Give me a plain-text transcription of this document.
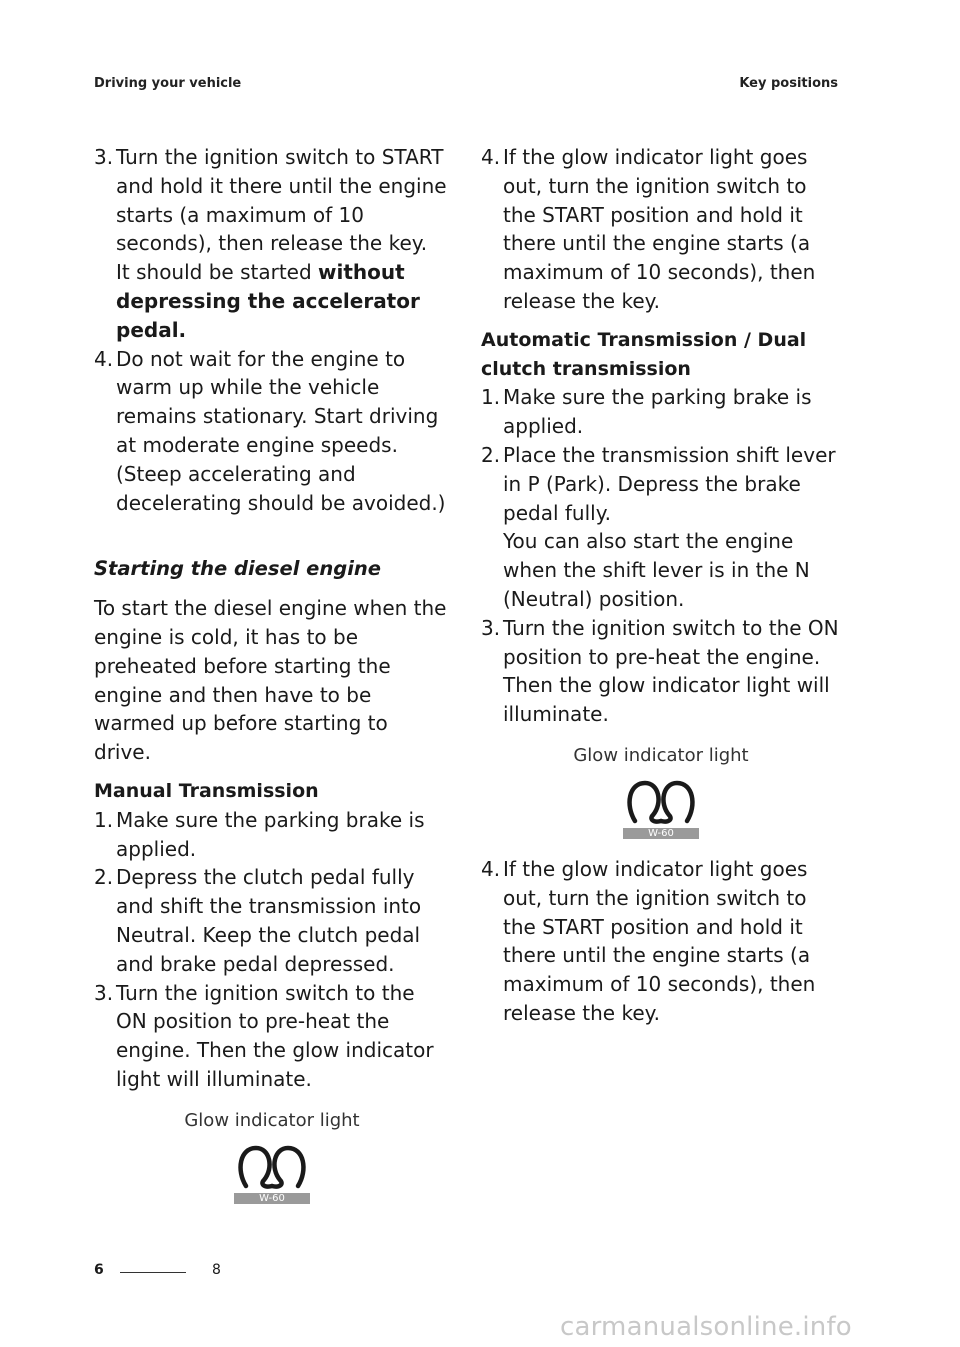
Driving your vehicle	Key positions
3. Turn the ignition switch to START and hold it there until the engine starts (a maximum of 10 seconds), then release the key.
It should be started without depressing the accelerator pedal.
4. Do not wait for the engine to warm up while the vehicle remains stationary. Start driving at moderate engine speeds. (Steep accelerating and decelerating should be avoided.)
Starting the diesel engine

To start the diesel engine when the engine is cold, it has to be preheated before starting the engine and then have to be warmed up before starting to drive.

Manual Transmission
1. Make sure the parking brake is applied.
2. Depress the clutch pedal fully and shift the transmission into Neutral. Keep the clutch pedal and brake pedal depressed.
3. Turn the ignition switch to the ON position to pre-heat the engine. Then the glow indicator light will illuminate.
Glow indicator light
W-60
4. If the glow indicator light goes out, turn the ignition switch to the START position and hold it there until the engine starts (a maximum of 10 seconds), then release the key.
Automatic Transmission / Dual clutch transmission
1. Make sure the parking brake is applied.
2. Place the transmission shift lever in P (Park). Depress the brake pedal fully.
You can also start the engine when the shift lever is in the N (Neutral) position.
3. Turn the ignition switch to the ON position to pre-heat the engine. Then the glow indicator light will illuminate.
Glow indicator light
W-60
4. If the glow indicator light goes out, turn the ignition switch to the START position and hold it there until the engine starts (a maximum of 10 seconds), then release the key.
6	8
carmanualsonline.info
